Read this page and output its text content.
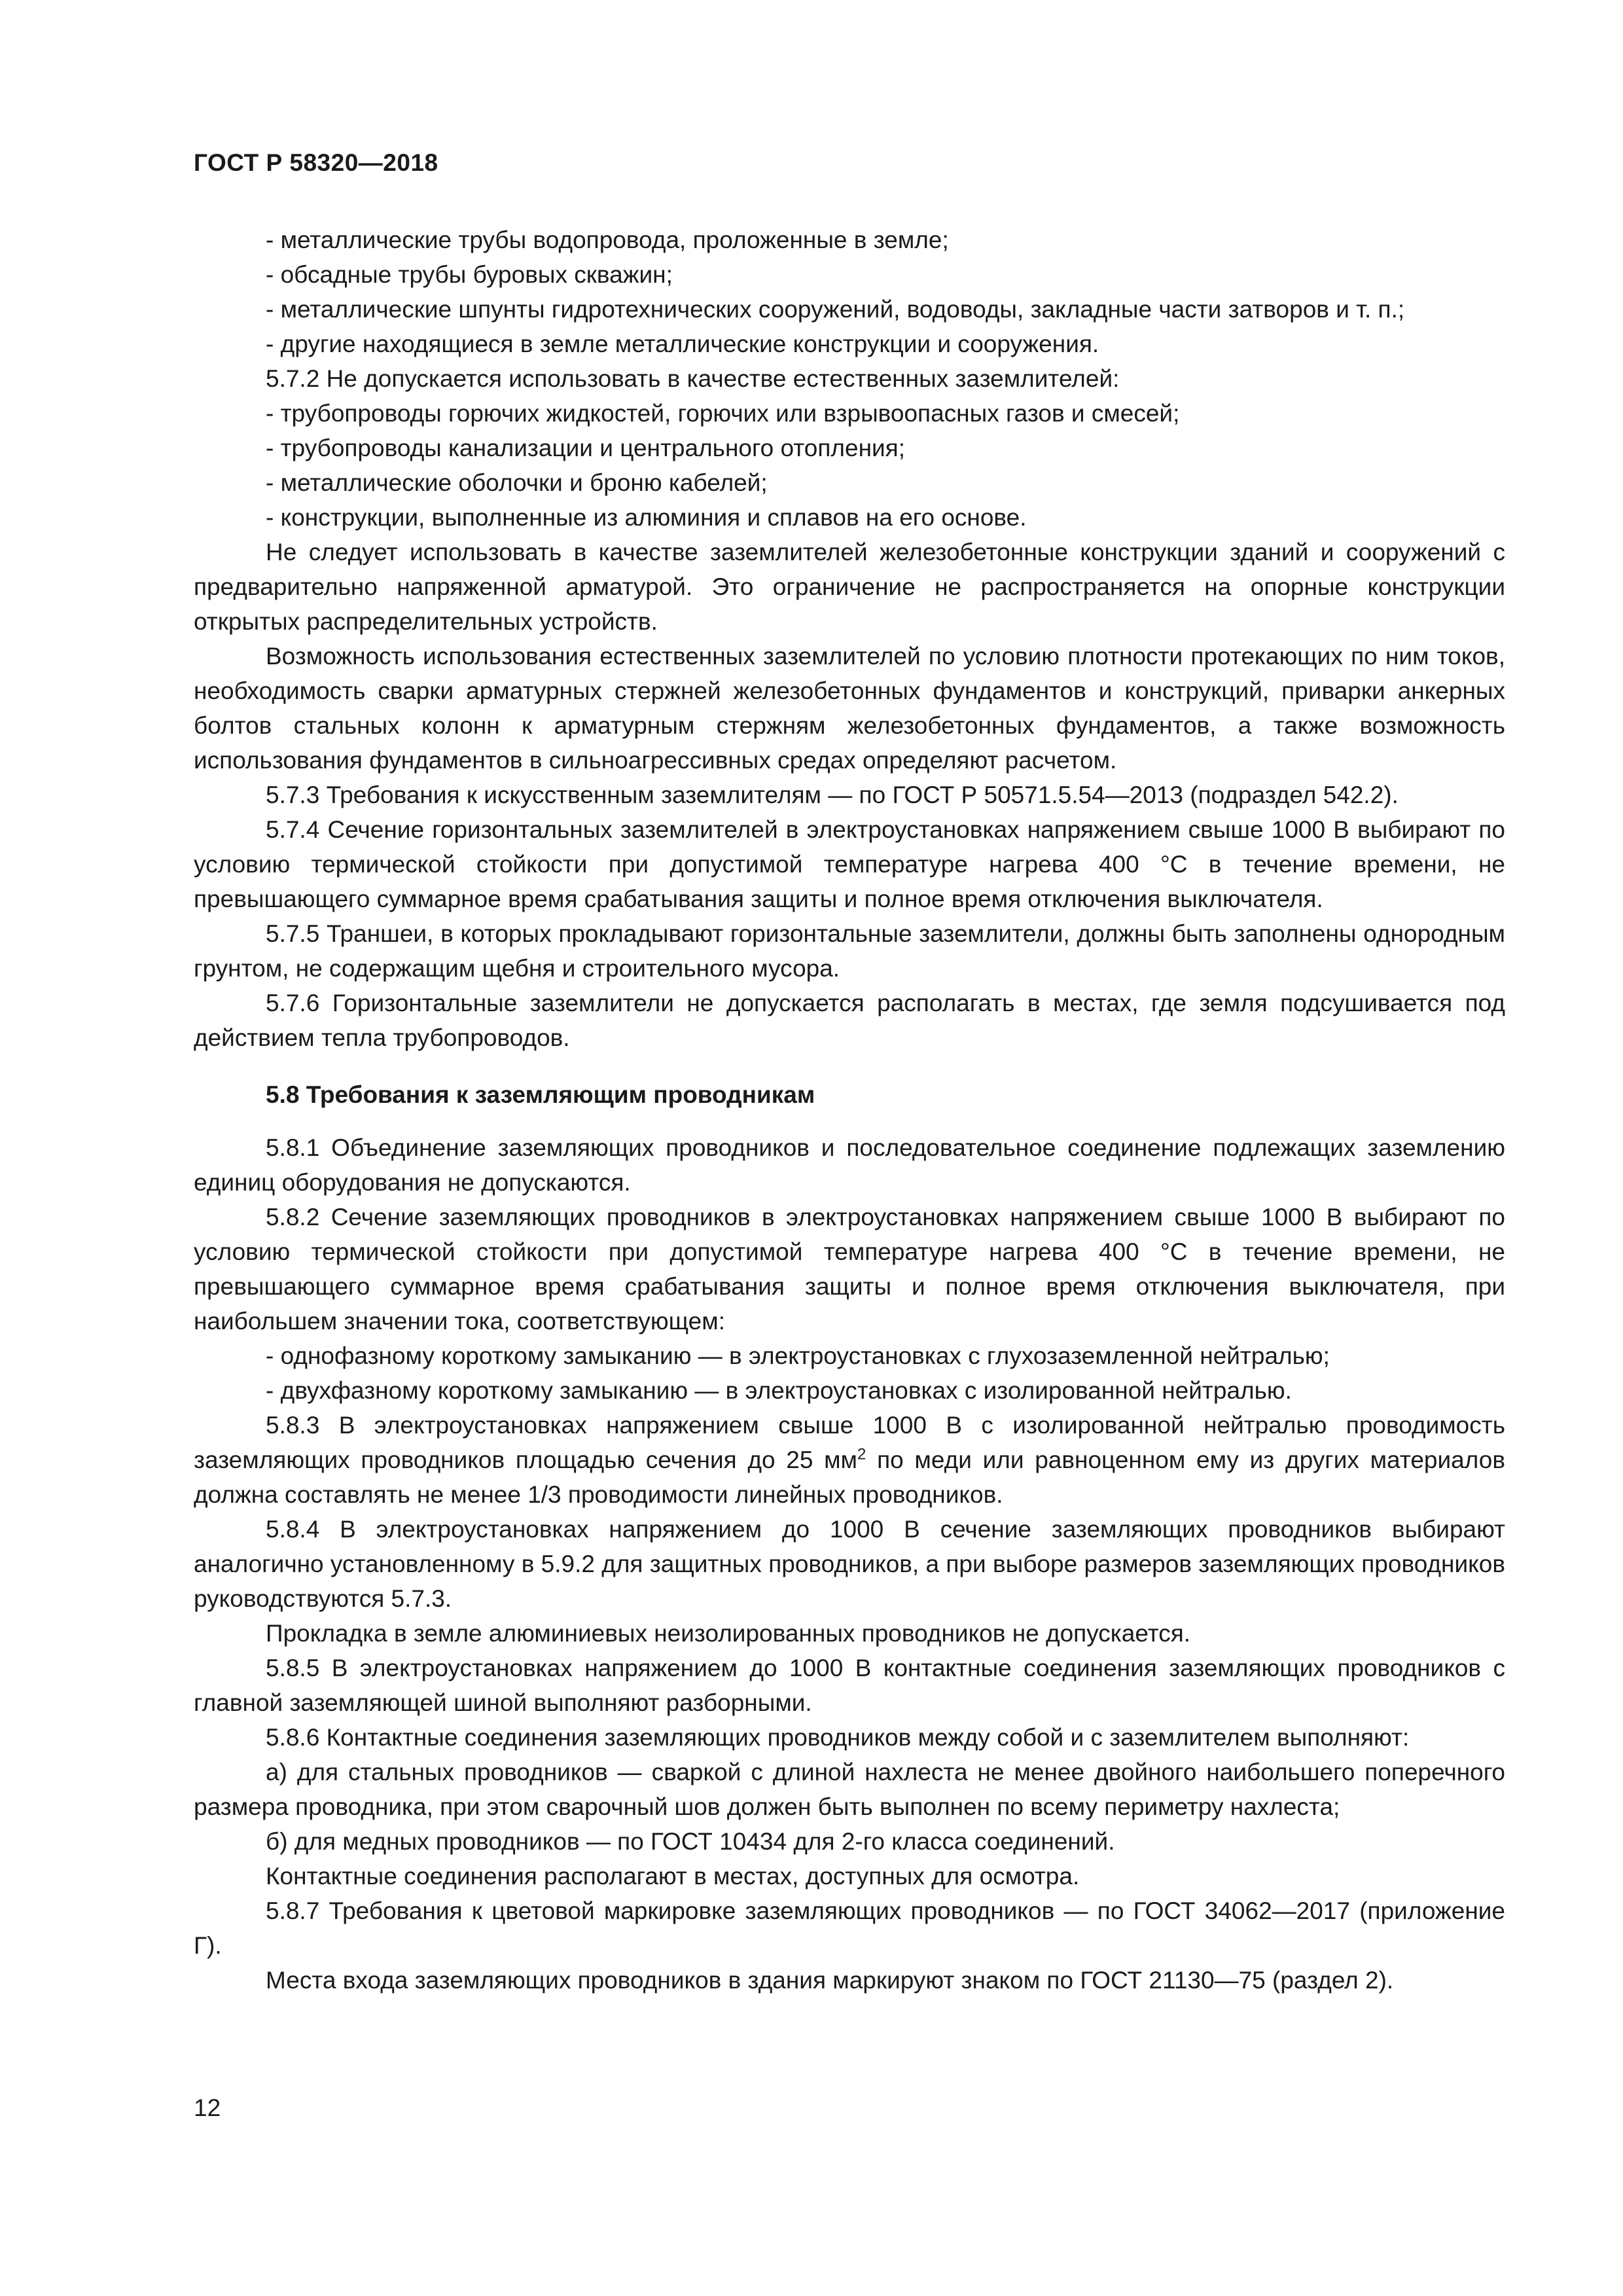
ГОСТ Р 58320—2018

- металлические трубы водопровода, проложенные в земле;

- обсадные трубы буровых скважин;

- металлические шпунты гидротехнических сооружений, водоводы, закладные части затворов и т. п.;

- другие находящиеся в земле металлические конструкции и сооружения.

5.7.2 Не допускается использовать в качестве естественных заземлителей:

- трубопроводы горючих жидкостей, горючих или взрывоопасных газов и смесей;

- трубопроводы канализации и центрального отопления;

- металлические оболочки и броню кабелей;

- конструкции, выполненные из алюминия и сплавов на его основе.

Не следует использовать в качестве заземлителей железобетонные конструкции зданий и сооружений с предварительно напряженной арматурой. Это ограничение не распространяется на опорные конструкции открытых распределительных устройств.

Возможность использования естественных заземлителей по условию плотности протекающих по ним токов, необходимость сварки арматурных стержней железобетонных фундаментов и конструкций, приварки анкерных болтов стальных колонн к арматурным стержням железобетонных фундаментов, а также возможность использования фундаментов в сильноагрессивных средах определяют расчетом.

5.7.3 Требования к искусственным заземлителям — по ГОСТ Р 50571.5.54—2013 (подраздел 542.2).

5.7.4 Сечение горизонтальных заземлителей в электроустановках напряжением свыше 1000 В выбирают по условию термической стойкости при допустимой температуре нагрева 400 °С в течение времени, не превышающего суммарное время срабатывания защиты и полное время отключения выключателя.

5.7.5 Траншеи, в которых прокладывают горизонтальные заземлители, должны быть заполнены однородным грунтом, не содержащим щебня и строительного мусора.

5.7.6 Горизонтальные заземлители не допускается располагать в местах, где земля подсушивается под действием тепла трубопроводов.

5.8 Требования к заземляющим проводникам

5.8.1 Объединение заземляющих проводников и последовательное соединение подлежащих заземлению единиц оборудования не допускаются.

5.8.2 Сечение заземляющих проводников в электроустановках напряжением свыше 1000 В выбирают по условию термической стойкости при допустимой температуре нагрева 400 °С в течение времени, не превышающего суммарное время срабатывания защиты и полное время отключения выключателя, при наибольшем значении тока, соответствующем:

- однофазному короткому замыканию — в электроустановках с глухозаземленной нейтралью;

- двухфазному короткому замыканию — в электроустановках с изолированной нейтралью.

5.8.3 В электроустановках напряжением свыше 1000 В с изолированной нейтралью проводимость заземляющих проводников площадью сечения до 25 $мм^2$ по меди или равноценном ему из других материалов должна составлять не менее 1/3 проводимости линейных проводников.

5.8.4 В электроустановках напряжением до 1000 В сечение заземляющих проводников выбирают аналогично установленному в 5.9.2 для защитных проводников, а при выборе размеров заземляющих проводников руководствуются 5.7.3.

Прокладка в земле алюминиевых неизолированных проводников не допускается.

5.8.5 В электроустановках напряжением до 1000 В контактные соединения заземляющих проводников с главной заземляющей шиной выполняют разборными.

5.8.6 Контактные соединения заземляющих проводников между собой и с заземлителем выполняют:

а) для стальных проводников — сваркой с длиной нахлеста не менее двойного наибольшего поперечного размера проводника, при этом сварочный шов должен быть выполнен по всему периметру нахлеста;

б) для медных проводников — по ГОСТ 10434 для 2-го класса соединений.

Контактные соединения располагают в местах, доступных для осмотра.

5.8.7 Требования к цветовой маркировке заземляющих проводников — по ГОСТ 34062—2017 (приложение Г).

Места входа заземляющих проводников в здания маркируют знаком по ГОСТ 21130—75 (раздел 2).

12
